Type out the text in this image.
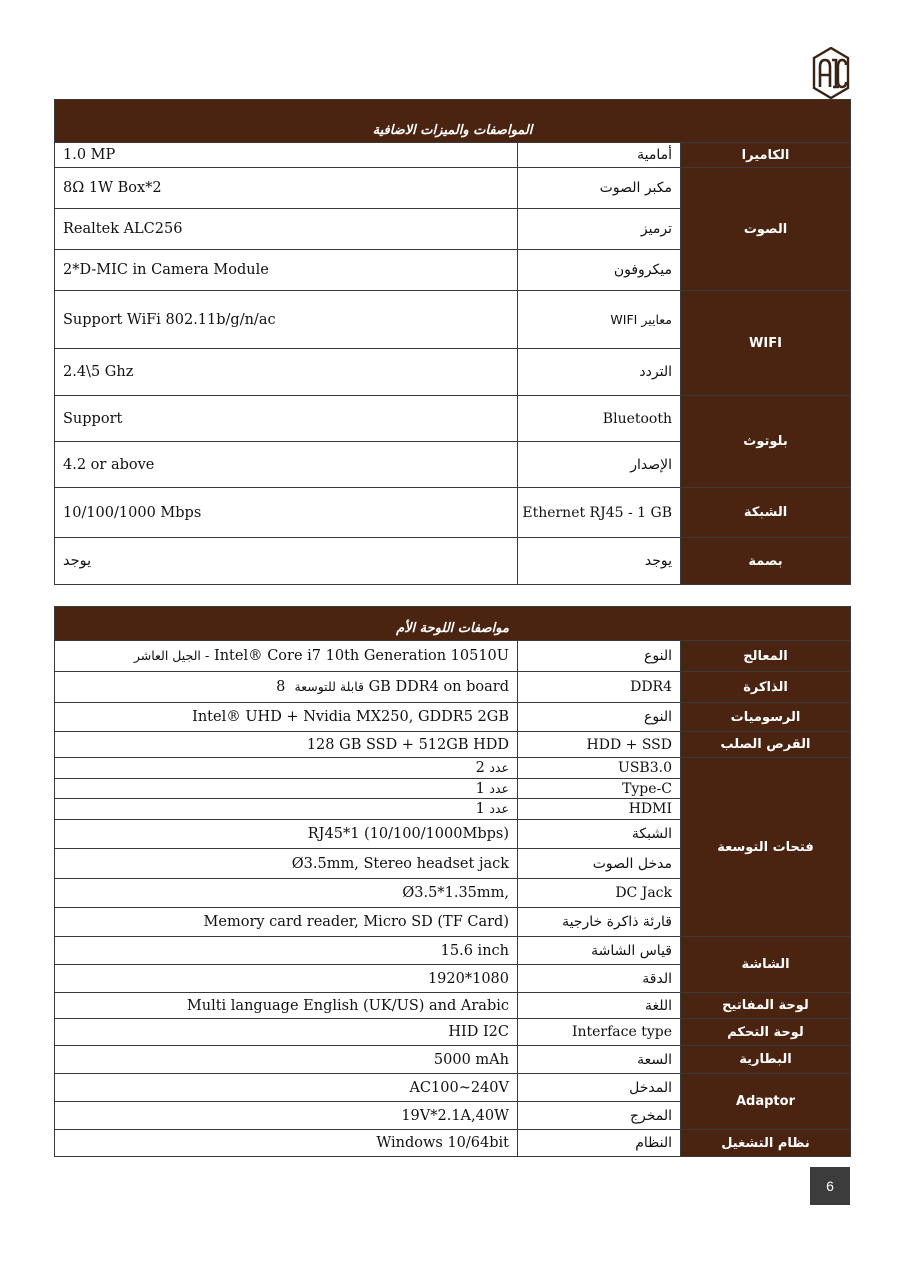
المواصفات والميزات الاضافية		
1.0 MP	أمامية	الكاميرا
8Ω 1W Box*2	مكبر الصوت	الصوت
Realtek ALC256	ترميز	
2*D-MIC in Camera Module	ميكروفون	
Support WiFi 802.11b/g/n/ac	معايير WIFI	WIFI
2.4\5 Ghz	التردد	
Support	Bluetooth	بلوتوث
4.2 or above	الإصدار	
10/100/1000 Mbps	Ethernet RJ45 - 1 GB	الشبكة
يوجد	يوجد	بصمة
مواصفات اللوحة الأم		
الجيل العاشر - Intel® Core i7 10th Generation 10510U	النوع	المعالج
قابلة للتوسعة  8 GB DDR4 on board	DDR4	الذاكرة
Intel® UHD + Nvidia MX250, GDDR5 2GB	النوع	الرسوميات
128 GB SSD + 512GB HDD	HDD + SSD	القرص الصلب
عدد 2	USB3.0	فتحات التوسعة
عدد 1	Type-C	
عدد 1	HDMI	
RJ45*1 (10/100/1000Mbps)	الشبكة	
Ø3.5mm, Stereo headset jack	مدخل الصوت	
Ø3.5*1.35mm,	DC Jack	
Memory card reader, Micro SD (TF Card)	قارئة ذاكرة خارجية	
15.6 inch	قياس الشاشة	الشاشة
1920*1080	الدقة	
Multi language English (UK/US) and Arabic	اللغة	لوحة المفاتيح
HID I2C	Interface type	لوحة التحكم
5000 mAh	السعة	البطارية
AC100~240V	المدخل	Adaptor
19V*2.1A,40W	المخرج	
Windows 10/64bit	النظام	نظام التشغيل
6
